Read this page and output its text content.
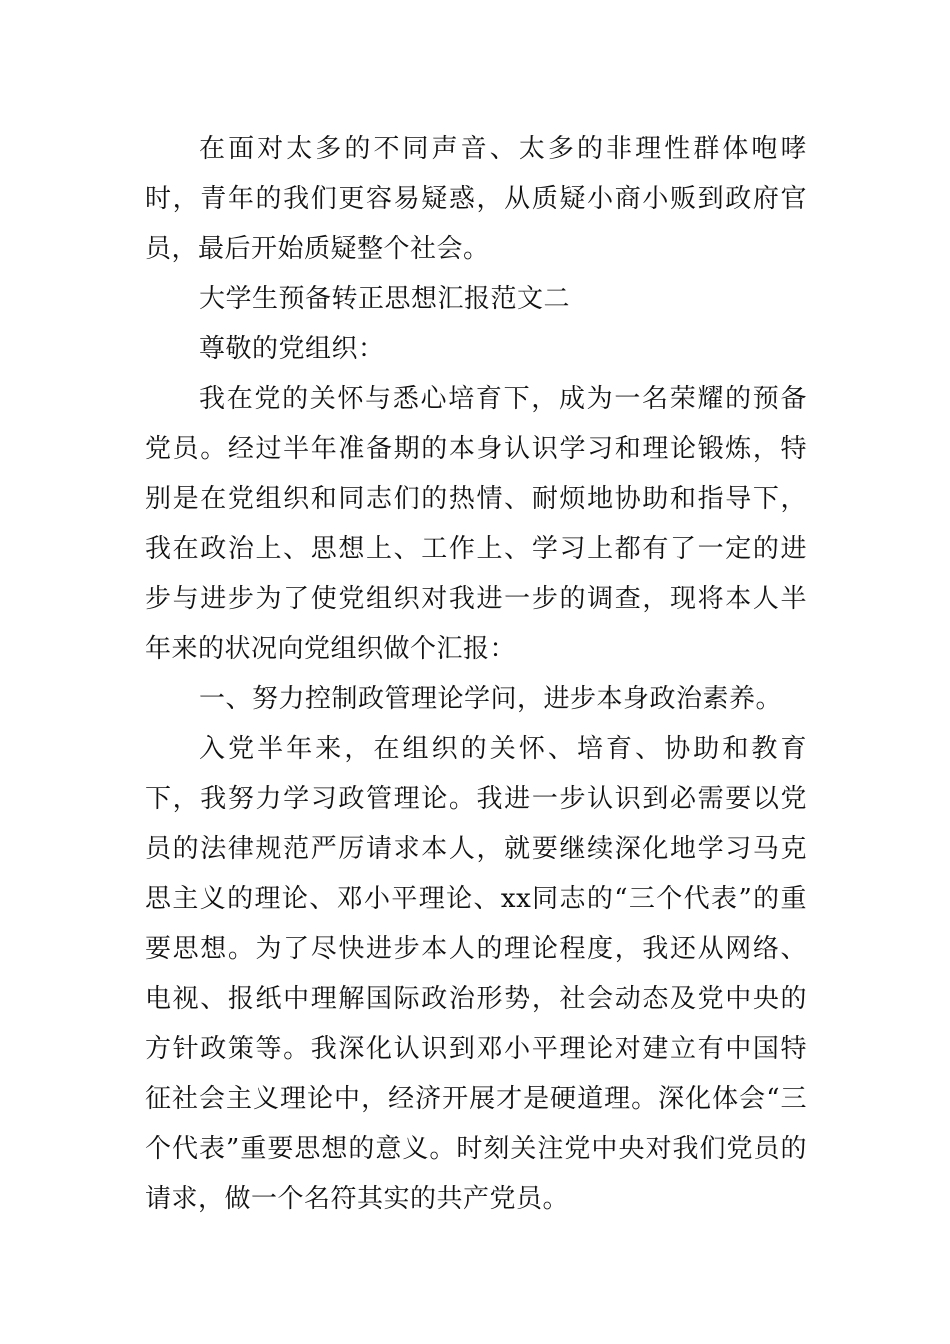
在面对太多的不同声音、太多的非理性群体咆哮时，青年的我们更容易疑惑，从质疑小商小贩到政府官员，最后开始质疑整个社会。

大学生预备转正思想汇报范文二

尊敬的党组织：

我在党的关怀与悉心培育下，成为一名荣耀的预备党员。经过半年准备期的本身认识学习和理论锻炼，特别是在党组织和同志们的热情、耐烦地协助和指导下，我在政治上、思想上、工作上、学习上都有了一定的进步与进步为了使党组织对我进一步的调查，现将本人半年来的状况向党组织做个汇报：

一、努力控制政管理论学问，进步本身政治素养。

入党半年来，在组织的关怀、培育、协助和教育下，我努力学习政管理论。我进一步认识到必需要以党员的法律规范严厉请求本人，就要继续深化地学习马克思主义的理论、邓小平理论、xx同志的“三个代表”的重要思想。为了尽快进步本人的理论程度，我还从网络、电视、报纸中理解国际政治形势，社会动态及党中央的方针政策等。我深化认识到邓小平理论对建立有中国特征社会主义理论中，经济开展才是硬道理。深化体会“三个代表”重要思想的意义。时刻关注党中央对我们党员的请求，做一个名符其实的共产党员。
